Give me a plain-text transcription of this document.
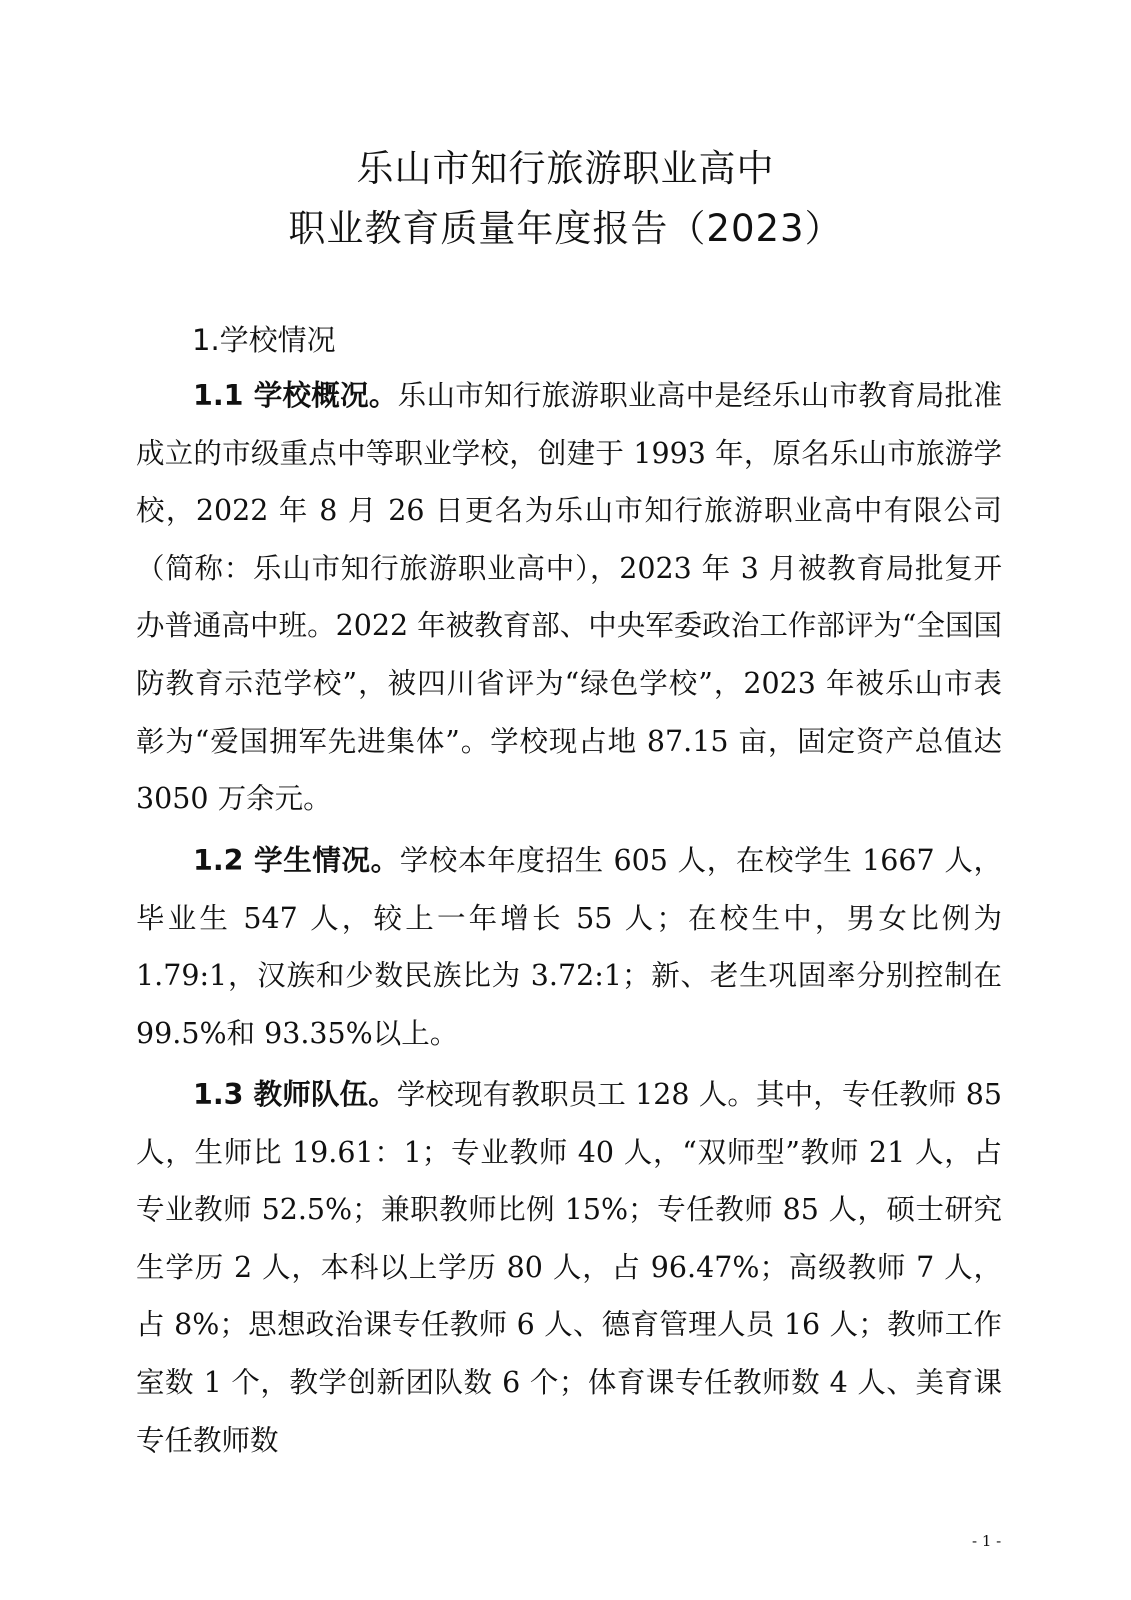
乐山市知行旅游职业高中
职业教育质量年度报告（2023）
1.学校情况

1.1 学校概况。乐山市知行旅游职业高中是经乐山市教育局批准成立的市级重点中等职业学校，创建于 1993 年，原名乐山市旅游学校，2022 年 8 月 26 日更名为乐山市知行旅游职业高中有限公司（简称：乐山市知行旅游职业高中），2023 年 3 月被教育局批复开办普通高中班。2022 年被教育部、中央军委政治工作部评为“全国国防教育示范学校”，被四川省评为“绿色学校”，2023 年被乐山市表彰为“爱国拥军先进集体”。学校现占地 87.15 亩，固定资产总值达 3050 万余元。

1.2 学生情况。学校本年度招生 605 人，在校学生 1667 人，毕业生 547 人，较上一年增长 55 人；在校生中，男女比例为 1.79:1，汉族和少数民族比为 3.72:1；新、老生巩固率分别控制在 99.5%和 93.35%以上。

1.3 教师队伍。学校现有教职员工 128 人。其中，专任教师 85 人，生师比 19.61：1；专业教师 40 人，“双师型”教师 21 人，占专业教师 52.5%；兼职教师比例 15%；专任教师 85 人，硕士研究生学历 2 人，本科以上学历 80 人，占 96.47%；高级教师 7 人，占 8%；思想政治课专任教师 6 人、德育管理人员 16 人；教师工作室数 1 个，教学创新团队数 6 个；体育课专任教师数 4 人、美育课专任教师数

- 1 -
